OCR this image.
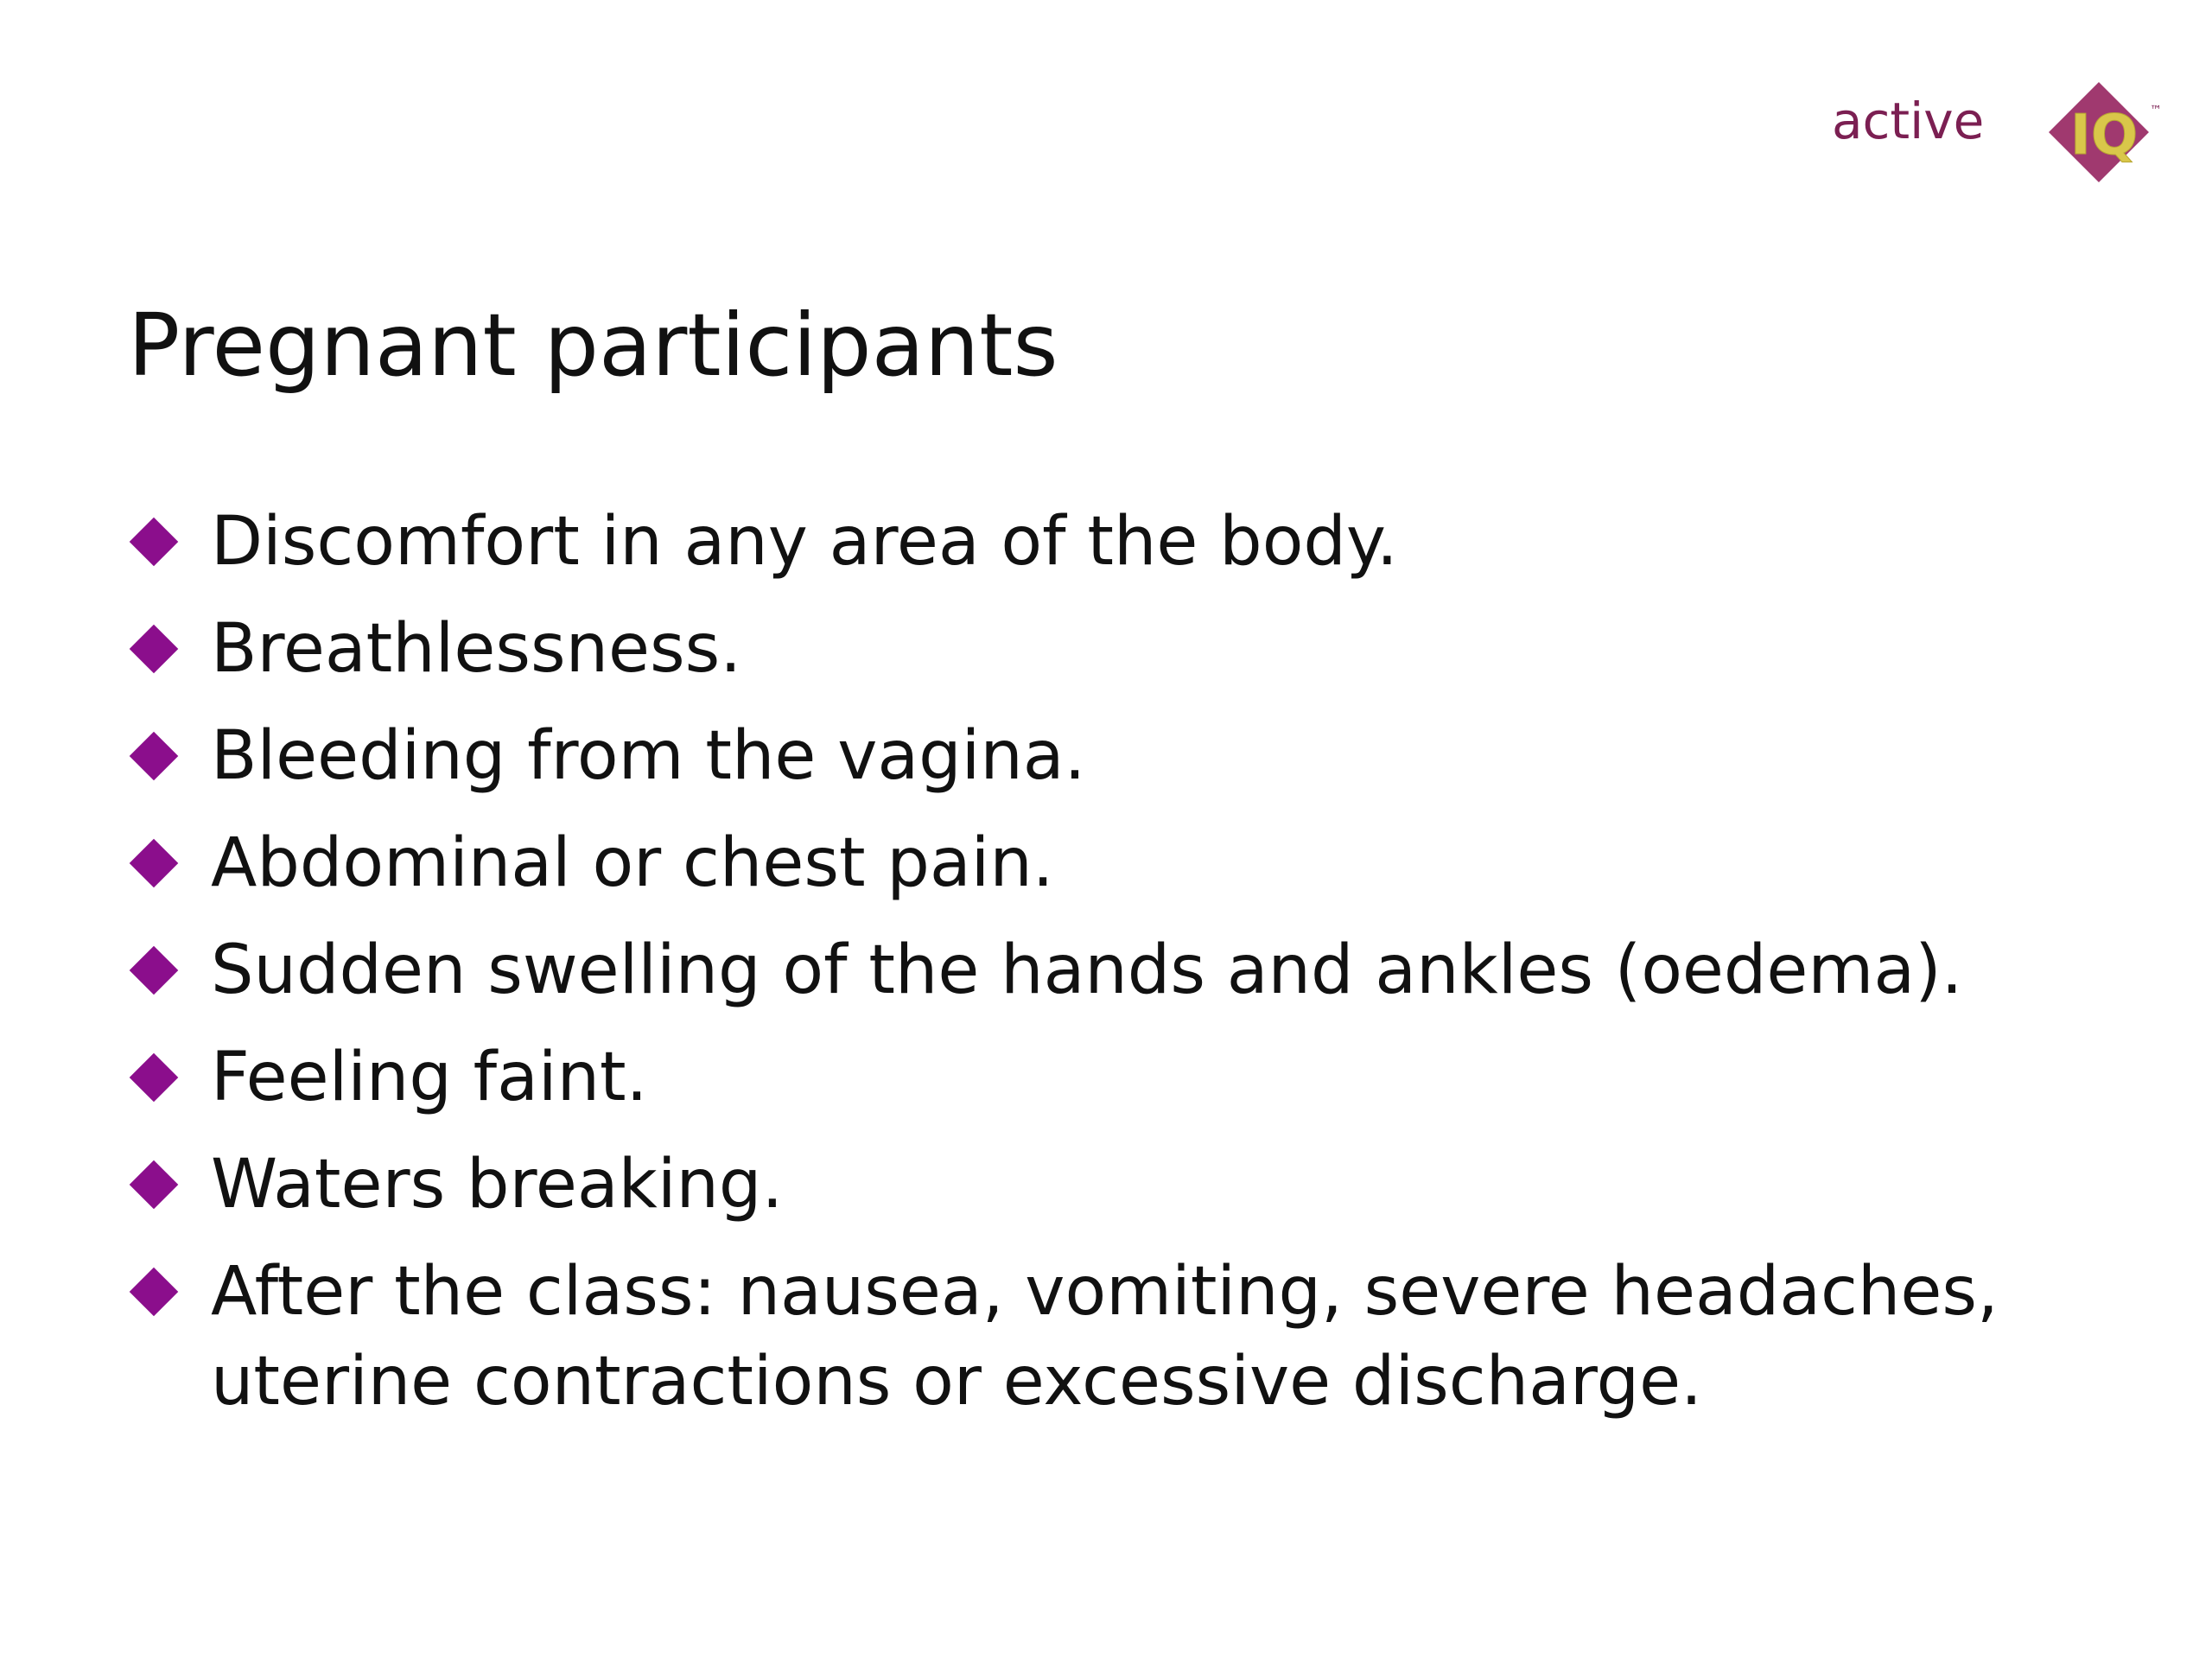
active IQ ™
Pregnant participants
Discomfort in any area of the body.
Breathlessness.
Bleeding from the vagina.
Abdominal or chest pain.
Sudden swelling of the hands and ankles (oedema).
Feeling faint.
Waters breaking.
After the class: nausea, vomiting, severe headaches, uterine contractions or excessive discharge.
